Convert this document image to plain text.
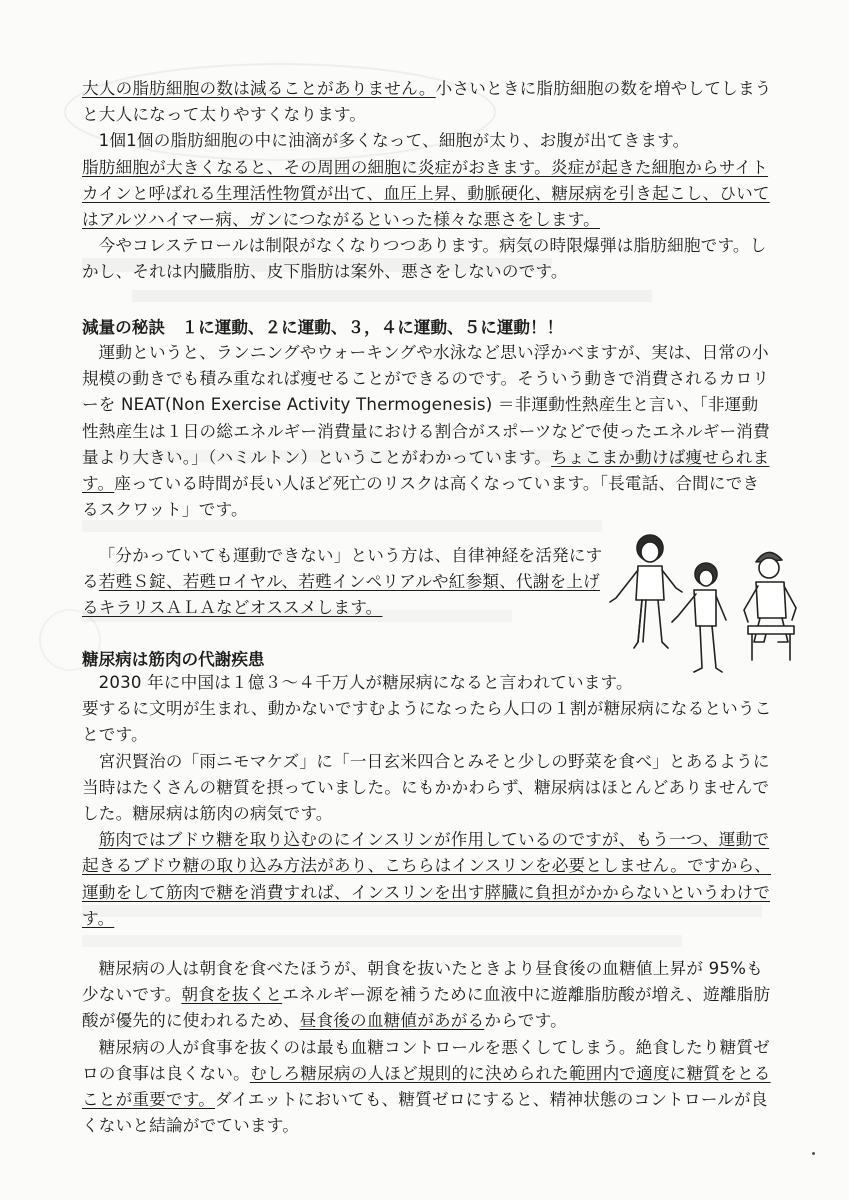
大人の脂肪細胞の数は減ることがありません。小さいときに脂肪細胞の数を増やしてしまうと大人になって太りやすくなります。

1個1個の脂肪細胞の中に油滴が多くなって、細胞が太り、お腹が出てきます。

脂肪細胞が大きくなると、その周囲の細胞に炎症がおきます。炎症が起きた細胞からサイトカインと呼ばれる生理活性物質が出て、血圧上昇、動脈硬化、糖尿病を引き起こし、ひいてはアルツハイマー病、ガンにつながるといった様々な悪さをします。

今やコレステロールは制限がなくなりつつあります。病気の時限爆弾は脂肪細胞です。しかし、それは内臓脂肪、皮下脂肪は案外、悪さをしないのです。

減量の秘訣　１に運動、２に運動、３，４に運動、５に運動！！

運動というと、ランニングやウォーキングや水泳など思い浮かべますが、実は、日常の小規模の動きでも積み重なれば痩せることができるのです。そういう動きで消費されるカロリーを NEAT(Non Exercise Activity Thermogenesis) ＝非運動性熱産生と言い、「非運動性熱産生は１日の総エネルギー消費量における割合がスポーツなどで使ったエネルギー消費量より大きい。」（ハミルトン）ということがわかっています。ちょこまか動けば痩せられます。座っている時間が長い人ほど死亡のリスクは高くなっています。「長電話、合間にできるスクワット」です。

「分かっていても運動できない」という方は、自律神経を活発にする若甦Ｓ錠、若甦ロイヤル、若甦インペリアルや紅参類、代謝を上げるキラリスＡＬＡなどオススメします。

糖尿病は筋肉の代謝疾患

2030 年に中国は１億３～４千万人が糖尿病になると言われています。

要するに文明が生まれ、動かないですむようになったら人口の１割が糖尿病になるということです。

宮沢賢治の「雨ニモマケズ」に「一日玄米四合とみそと少しの野菜を食べ」とあるように当時はたくさんの糖質を摂っていました。にもかかわらず、糖尿病はほとんどありませんでした。糖尿病は筋肉の病気です。

筋肉ではブドウ糖を取り込むのにインスリンが作用しているのですが、もう一つ、運動で起きるブドウ糖の取り込み方法があり、こちらはインスリンを必要としません。ですから、運動をして筋肉で糖を消費すれば、インスリンを出す膵臓に負担がかからないというわけです。

糖尿病の人は朝食を食べたほうが、朝食を抜いたときより昼食後の血糖値上昇が 95%も少ないです。朝食を抜くとエネルギー源を補うために血液中に遊離脂肪酸が増え、遊離脂肪酸が優先的に使われるため、昼食後の血糖値があがるからです。

糖尿病の人が食事を抜くのは最も血糖コントロールを悪くしてしまう。絶食したり糖質ゼロの食事は良くない。むしろ糖尿病の人ほど規則的に決められた範囲内で適度に糖質をとることが重要です。ダイエットにおいても、糖質ゼロにすると、精神状態のコントロールが良くないと結論がでています。
